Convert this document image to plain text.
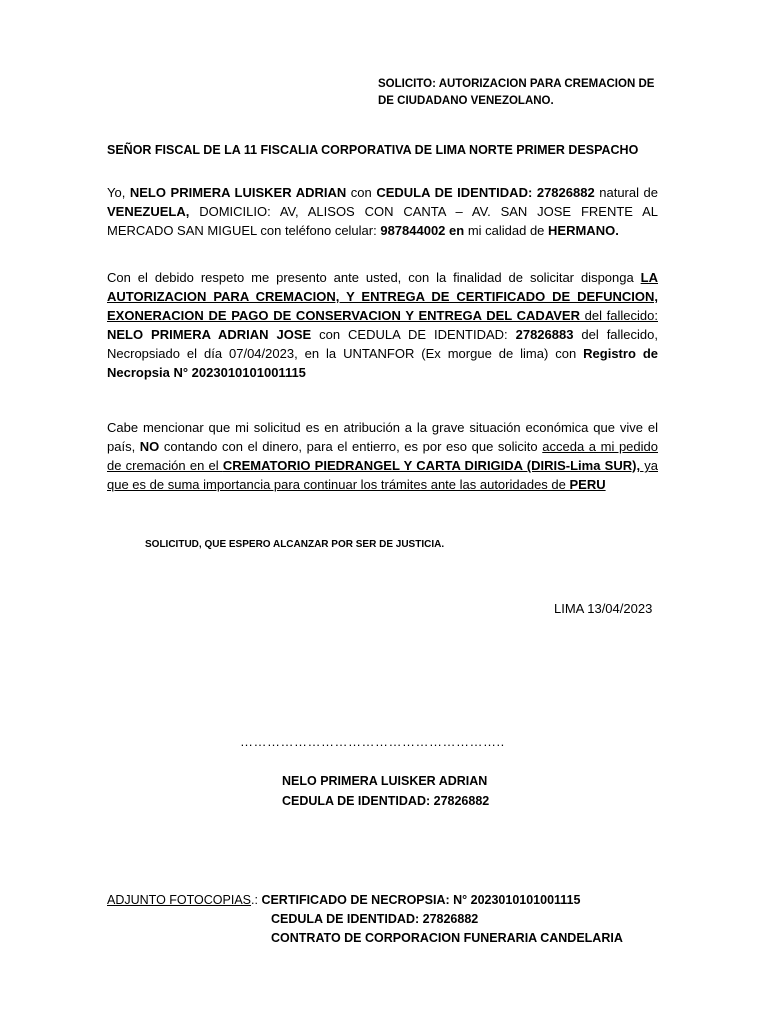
SOLICITO: AUTORIZACION PARA CREMACION DE
DE CIUDADANO VENEZOLANO.
SEÑOR FISCAL DE LA 11 FISCALIA CORPORATIVA DE LIMA NORTE PRIMER DESPACHO
Yo, NELO PRIMERA LUISKER ADRIAN con CEDULA DE IDENTIDAD: 27826882 natural de VENEZUELA, DOMICILIO: AV, ALISOS CON CANTA – AV. SAN JOSE FRENTE AL MERCADO SAN MIGUEL con teléfono celular: 987844002 en mi calidad de HERMANO.
Con el debido respeto me presento ante usted, con la finalidad de solicitar disponga LA AUTORIZACION PARA CREMACION, Y ENTREGA DE CERTIFICADO DE DEFUNCION, EXONERACION DE PAGO DE CONSERVACION Y ENTREGA DEL CADAVER del fallecido: NELO PRIMERA ADRIAN JOSE con CEDULA DE IDENTIDAD: 27826883 del fallecido, Necropsiado el día 07/04/2023, en la UNTANFOR (Ex morgue de lima) con Registro de Necropsia N° 2023010101001115
Cabe mencionar que mi solicitud es en atribución a la grave situación económica que vive el país, NO contando con el dinero, para el entierro, es por eso que solicito acceda a mi pedido de cremación en el CREMATORIO PIEDRANGEL Y CARTA DIRIGIDA (DIRIS-Lima SUR), ya que es de suma importancia para continuar los trámites ante las autoridades de PERU
SOLICITUD, QUE ESPERO ALCANZAR POR SER DE JUSTICIA.
LIMA 13/04/2023
…………………………………………………..
NELO PRIMERA LUISKER ADRIAN
CEDULA DE IDENTIDAD: 27826882
ADJUNTO FOTOCOPIAS.: CERTIFICADO DE NECROPSIA: N° 2023010101001115
CEDULA DE IDENTIDAD: 27826882
CONTRATO DE CORPORACION FUNERARIA CANDELARIA
